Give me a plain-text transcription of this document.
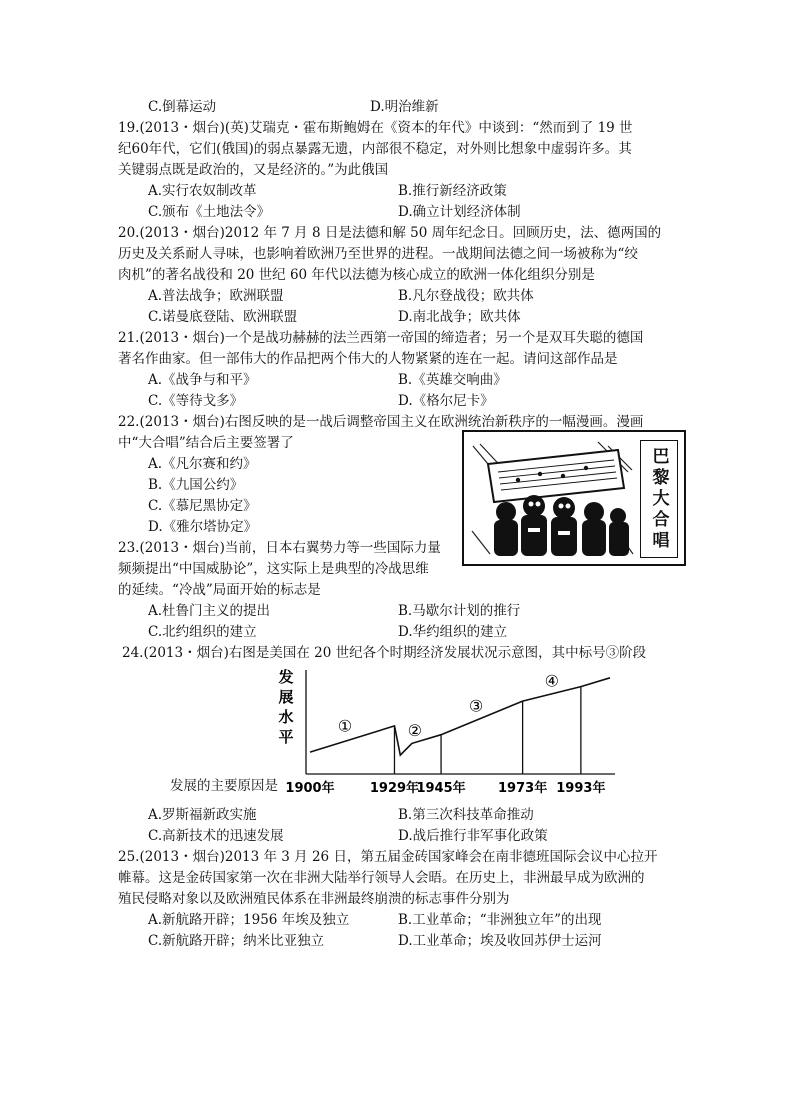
C.倒幕运动	D.明治维新
19.(2013・烟台)(英)艾瑞克・霍布斯鲍姆在《资本的年代》中谈到：“然而到了 19 世
纪60年代，它们(俄国)的弱点暴露无遗，内部很不稳定，对外则比想象中虚弱许多。其
关键弱点既是政治的，又是经济的。”为此俄国
A.实行农奴制改革	B.推行新经济政策
C.颁布《土地法令》	D.确立计划经济体制
20.(2013・烟台)2012 年 7 月 8 日是法德和解 50 周年纪念日。回顾历史，法、德两国的
历史及关系耐人寻味，也影响着欧洲乃至世界的进程。一战期间法德之间一场被称为“绞
肉机”的著名战役和 20 世纪 60 年代以法德为核心成立的欧洲一体化组织分别是
A.普法战争；欧洲联盟	B.凡尔登战役；欧共体
C.诺曼底登陆、欧洲联盟	D.南北战争；欧共体
21.(2013・烟台)一个是战功赫赫的法兰西第一帝国的缔造者；另一个是双耳失聪的德国
著名作曲家。但一部伟大的作品把两个伟大的人物紧紧的连在一起。请问这部作品是
A.《战争与和平》	B.《英雄交响曲》
C.《等待戈多》	D.《格尔尼卡》
22.(2013・烟台)右图反映的是一战后调整帝国主义在欧洲统治新秩序的一幅漫画。漫画
中“大合唱”结合后主要签署了
A.《凡尔赛和约》
B.《九国公约》
C.《慕尼黑协定》
D.《雅尔塔协定》	巴黎大合唱
23.(2013・烟台)当前，日本右翼势力等一些国际力量
频频提出“中国威胁论”，这实际上是典型的冷战思维
的延续。“冷战”局面开始的标志是
A.杜鲁门主义的提出	B.马歇尔计划的推行
C.北约组织的建立	D.华约组织的建立
24.(2013・烟台)右图是美国在 20 世纪各个时期经济发展状况示意图，其中标号③阶段
发展的主要原因是
发
展
水
平
①	②
③
④
1900年	1929年
1945年 1973年 1993年
A.罗斯福新政实施	B.第三次科技革命推动
C.高新技术的迅速发展	D.战后推行非军事化政策
25.(2013・烟台)2013 年 3 月 26 日，第五届金砖国家峰会在南非德班国际会议中心拉开
帷幕。这是金砖国家第一次在非洲大陆举行领导人会晤。在历史上，非洲最早成为欧洲的
殖民侵略对象以及欧洲殖民体系在非洲最终崩溃的标志事件分别为
A.新航路开辟；1956 年埃及独立	B.工业革命；“非洲独立年”的出现
C.新航路开辟；纳米比亚独立	D.工业革命；埃及收回苏伊士运河
